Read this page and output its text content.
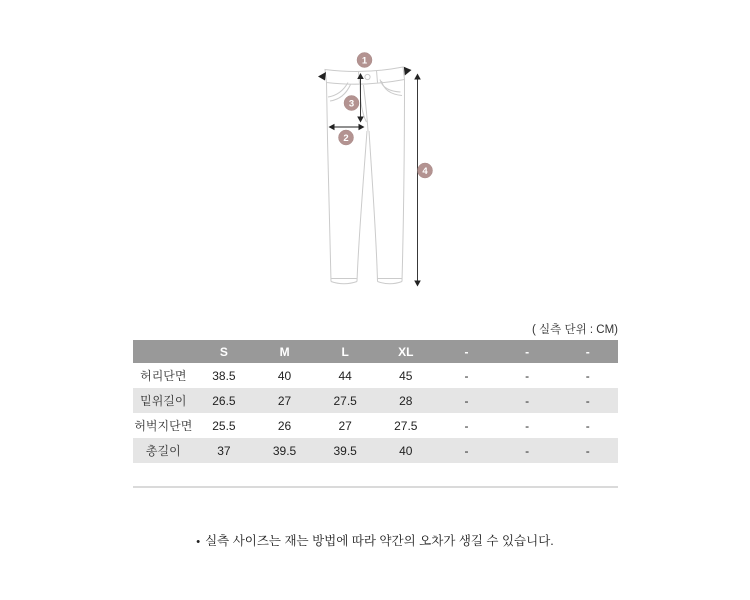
1
3
2
4
( 실측 단위 : CM)
	S	M	L	XL	-	-	-
허리단면	38.5	40	44	45	-	-	-
밑위길이	26.5	27	27.5	28	-	-	-
허벅지단면	25.5	26	27	27.5	-	-	-
총길이	37	39.5	39.5	40	-	-	-
• 실측 사이즈는 재는 방법에 따라 약간의 오차가 생길 수 있습니다.
